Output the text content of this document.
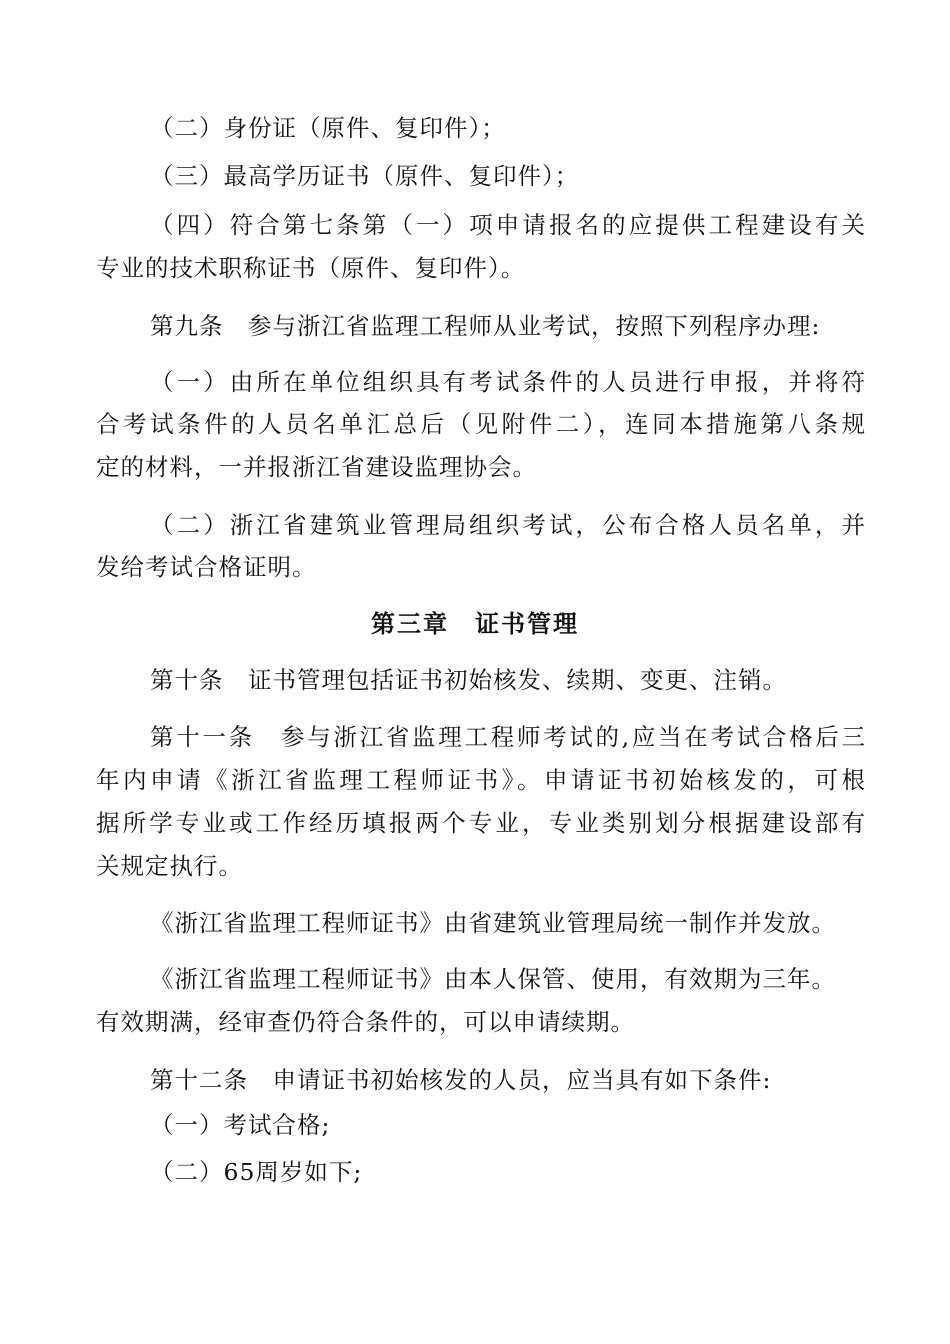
（二）身份证（原件、复印件）；
（三）最高学历证书（原件、复印件）；
（四）符合第七条第（一）项申请报名的应提供工程建设有关
专业的技术职称证书（原件、复印件）。
第九条　参与浙江省监理工程师从业考试，按照下列程序办理:
（一）由所在单位组织具有考试条件的人员进行申报，并将符
合考试条件的人员名单汇总后（见附件二），连同本措施第八条规
定的材料，一并报浙江省建设监理协会。
（二）浙江省建筑业管理局组织考试，公布合格人员名单，并
发给考试合格证明。
第三章　证书管理
第十条　证书管理包括证书初始核发、续期、变更、注销。
第十一条　参与浙江省监理工程师考试的,应当在考试合格后三
年内申请《浙江省监理工程师证书》。申请证书初始核发的，可根
据所学专业或工作经历填报两个专业，专业类别划分根据建设部有
关规定执行。
《浙江省监理工程师证书》由省建筑业管理局统一制作并发放。
《浙江省监理工程师证书》由本人保管、使用，有效期为三年。
有效期满，经审查仍符合条件的，可以申请续期。
第十二条　申请证书初始核发的人员，应当具有如下条件:
（一）考试合格;
（二）65周岁如下;
